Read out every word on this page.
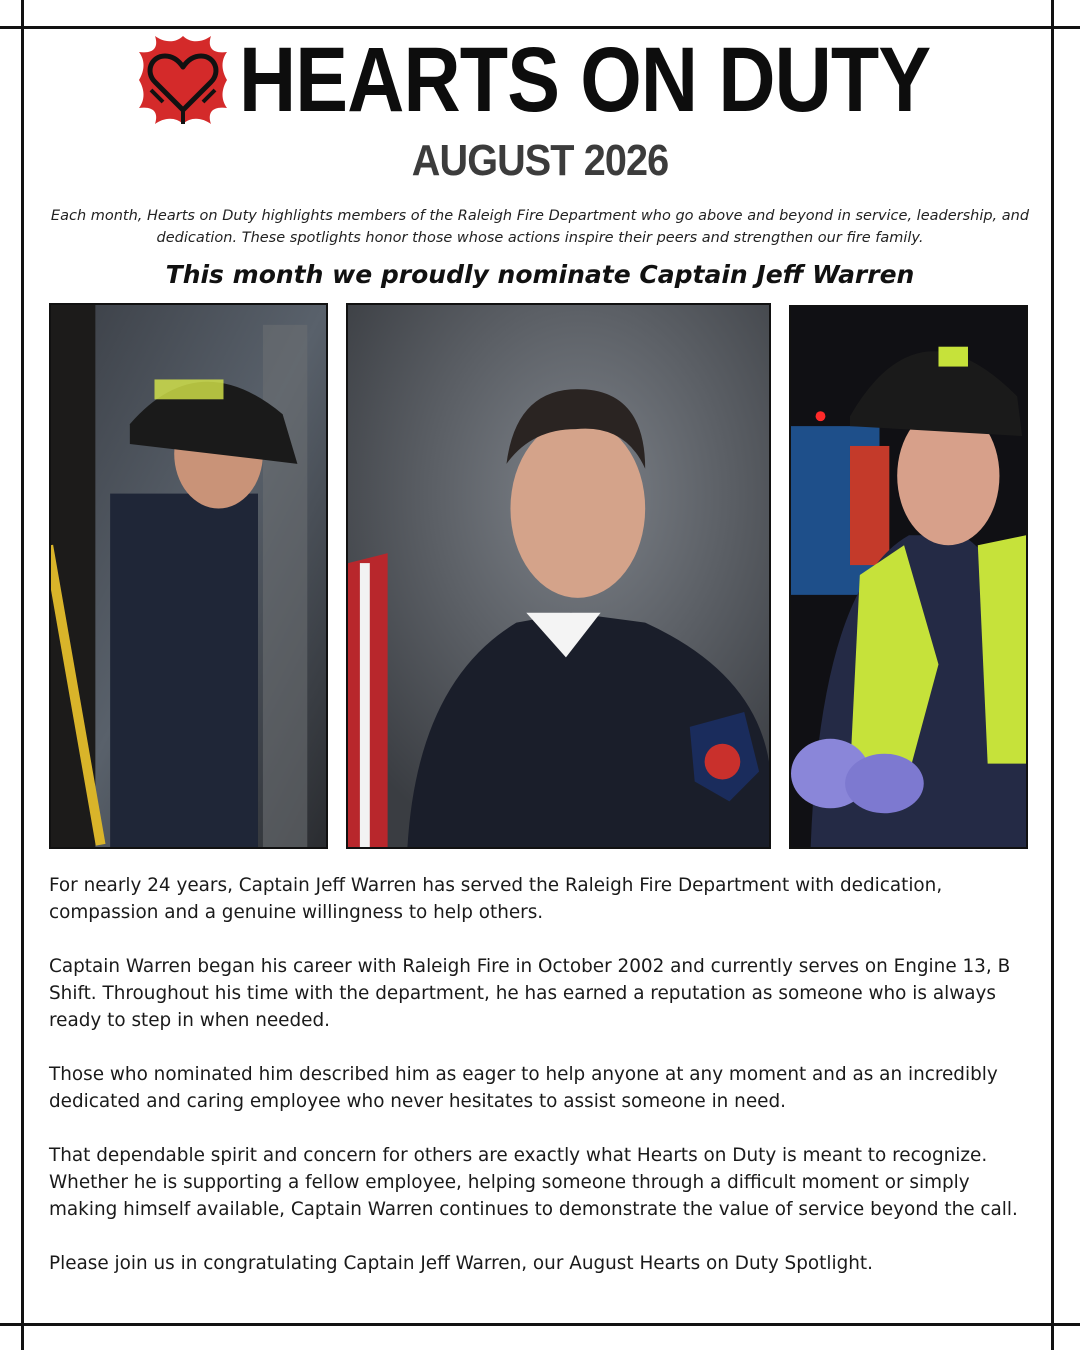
HEARTS ON DUTY
AUGUST 2026
Each month, Hearts on Duty highlights members of the Raleigh Fire Department who go above and beyond in service, leadership, and dedication. These spotlights honor those whose actions inspire their peers and strengthen our fire family.
This month we proudly nominate Captain Jeff Warren

For nearly 24 years, Captain Jeff Warren has served the Raleigh Fire Department with dedication, compassion and a genuine willingness to help others.

Captain Warren began his career with Raleigh Fire in October 2002 and currently serves on Engine 13, B Shift. Throughout his time with the department, he has earned a reputation as someone who is always ready to step in when needed.

Those who nominated him described him as eager to help anyone at any moment and as an incredibly dedicated and caring employee who never hesitates to assist someone in need.

That dependable spirit and concern for others are exactly what Hearts on Duty is meant to recognize. Whether he is supporting a fellow employee, helping someone through a difficult moment or simply making himself available, Captain Warren continues to demonstrate the value of service beyond the call.

Please join us in congratulating Captain Jeff Warren, our August Hearts on Duty Spotlight.
